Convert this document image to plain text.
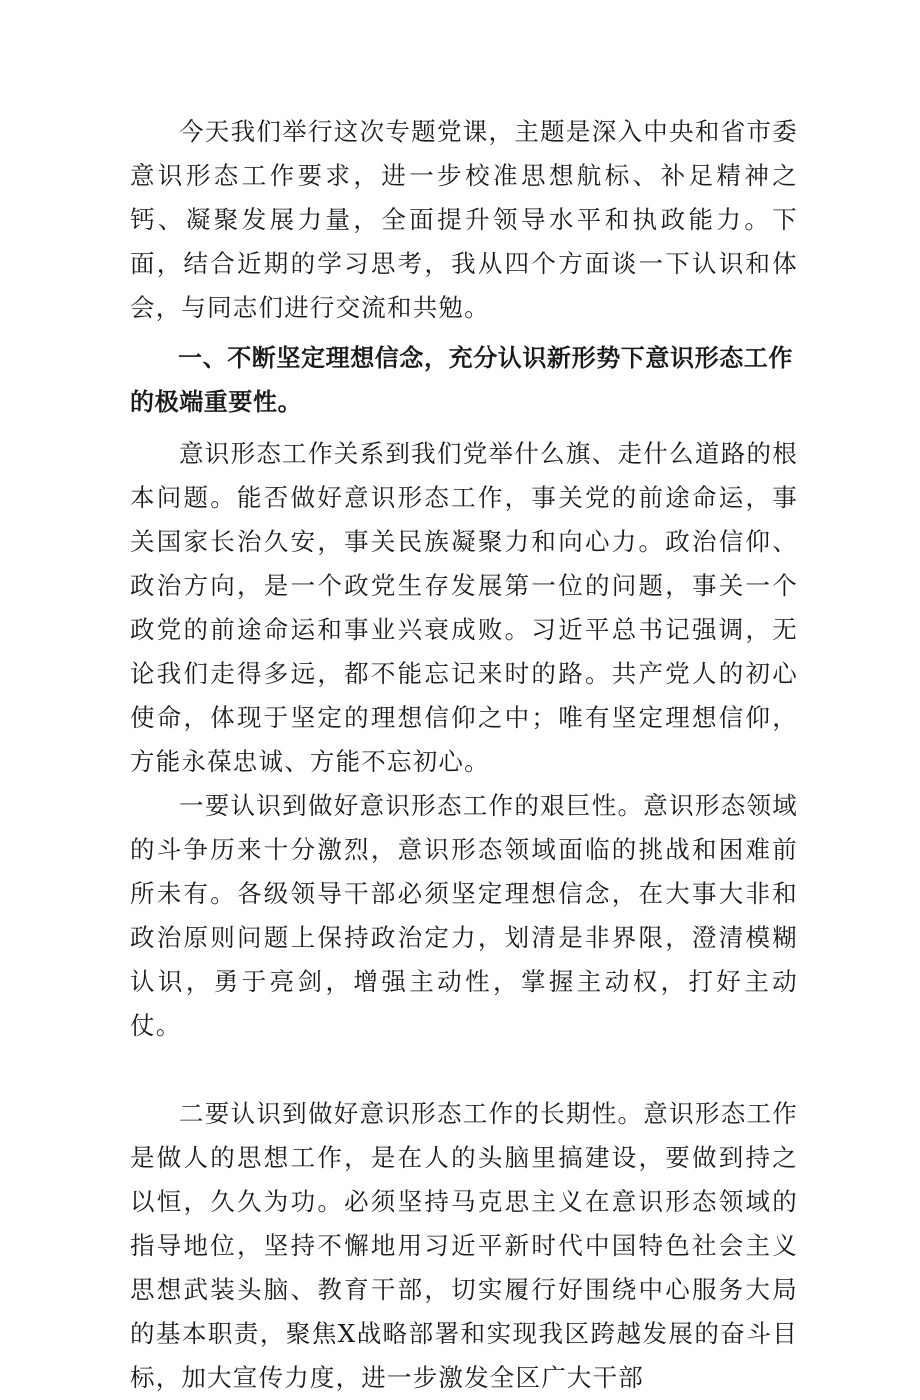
今天我们举行这次专题党课，主题是深入中央和省市委意识形态工作要求，进一步校准思想航标、补足精神之钙、凝聚发展力量，全面提升领导水平和执政能力。下面，结合近期的学习思考，我从四个方面谈一下认识和体会，与同志们进行交流和共勉。

一、不断坚定理想信念，充分认识新形势下意识形态工作的极端重要性。

意识形态工作关系到我们党举什么旗、走什么道路的根本问题。能否做好意识形态工作，事关党的前途命运，事关国家长治久安，事关民族凝聚力和向心力。政治信仰、政治方向，是一个政党生存发展第一位的问题，事关一个政党的前途命运和事业兴衰成败。习近平总书记强调，无论我们走得多远，都不能忘记来时的路。共产党人的初心使命，体现于坚定的理想信仰之中；唯有坚定理想信仰，方能永葆忠诚、方能不忘初心。

一要认识到做好意识形态工作的艰巨性。意识形态领域的斗争历来十分激烈，意识形态领域面临的挑战和困难前所未有。各级领导干部必须坚定理想信念，在大事大非和政治原则问题上保持政治定力，划清是非界限，澄清模糊认识，勇于亮剑，增强主动性，掌握主动权，打好主动仗。

二要认识到做好意识形态工作的长期性。意识形态工作是做人的思想工作，是在人的头脑里搞建设，要做到持之以恒，久久为功。必须坚持马克思主义在意识形态领域的指导地位，坚持不懈地用习近平新时代中国特色社会主义思想武装头脑、教育干部，切实履行好围绕中心服务大局的基本职责，聚焦X战略部署和实现我区跨越发展的奋斗目标，加大宣传力度，进一步激发全区广大干部
